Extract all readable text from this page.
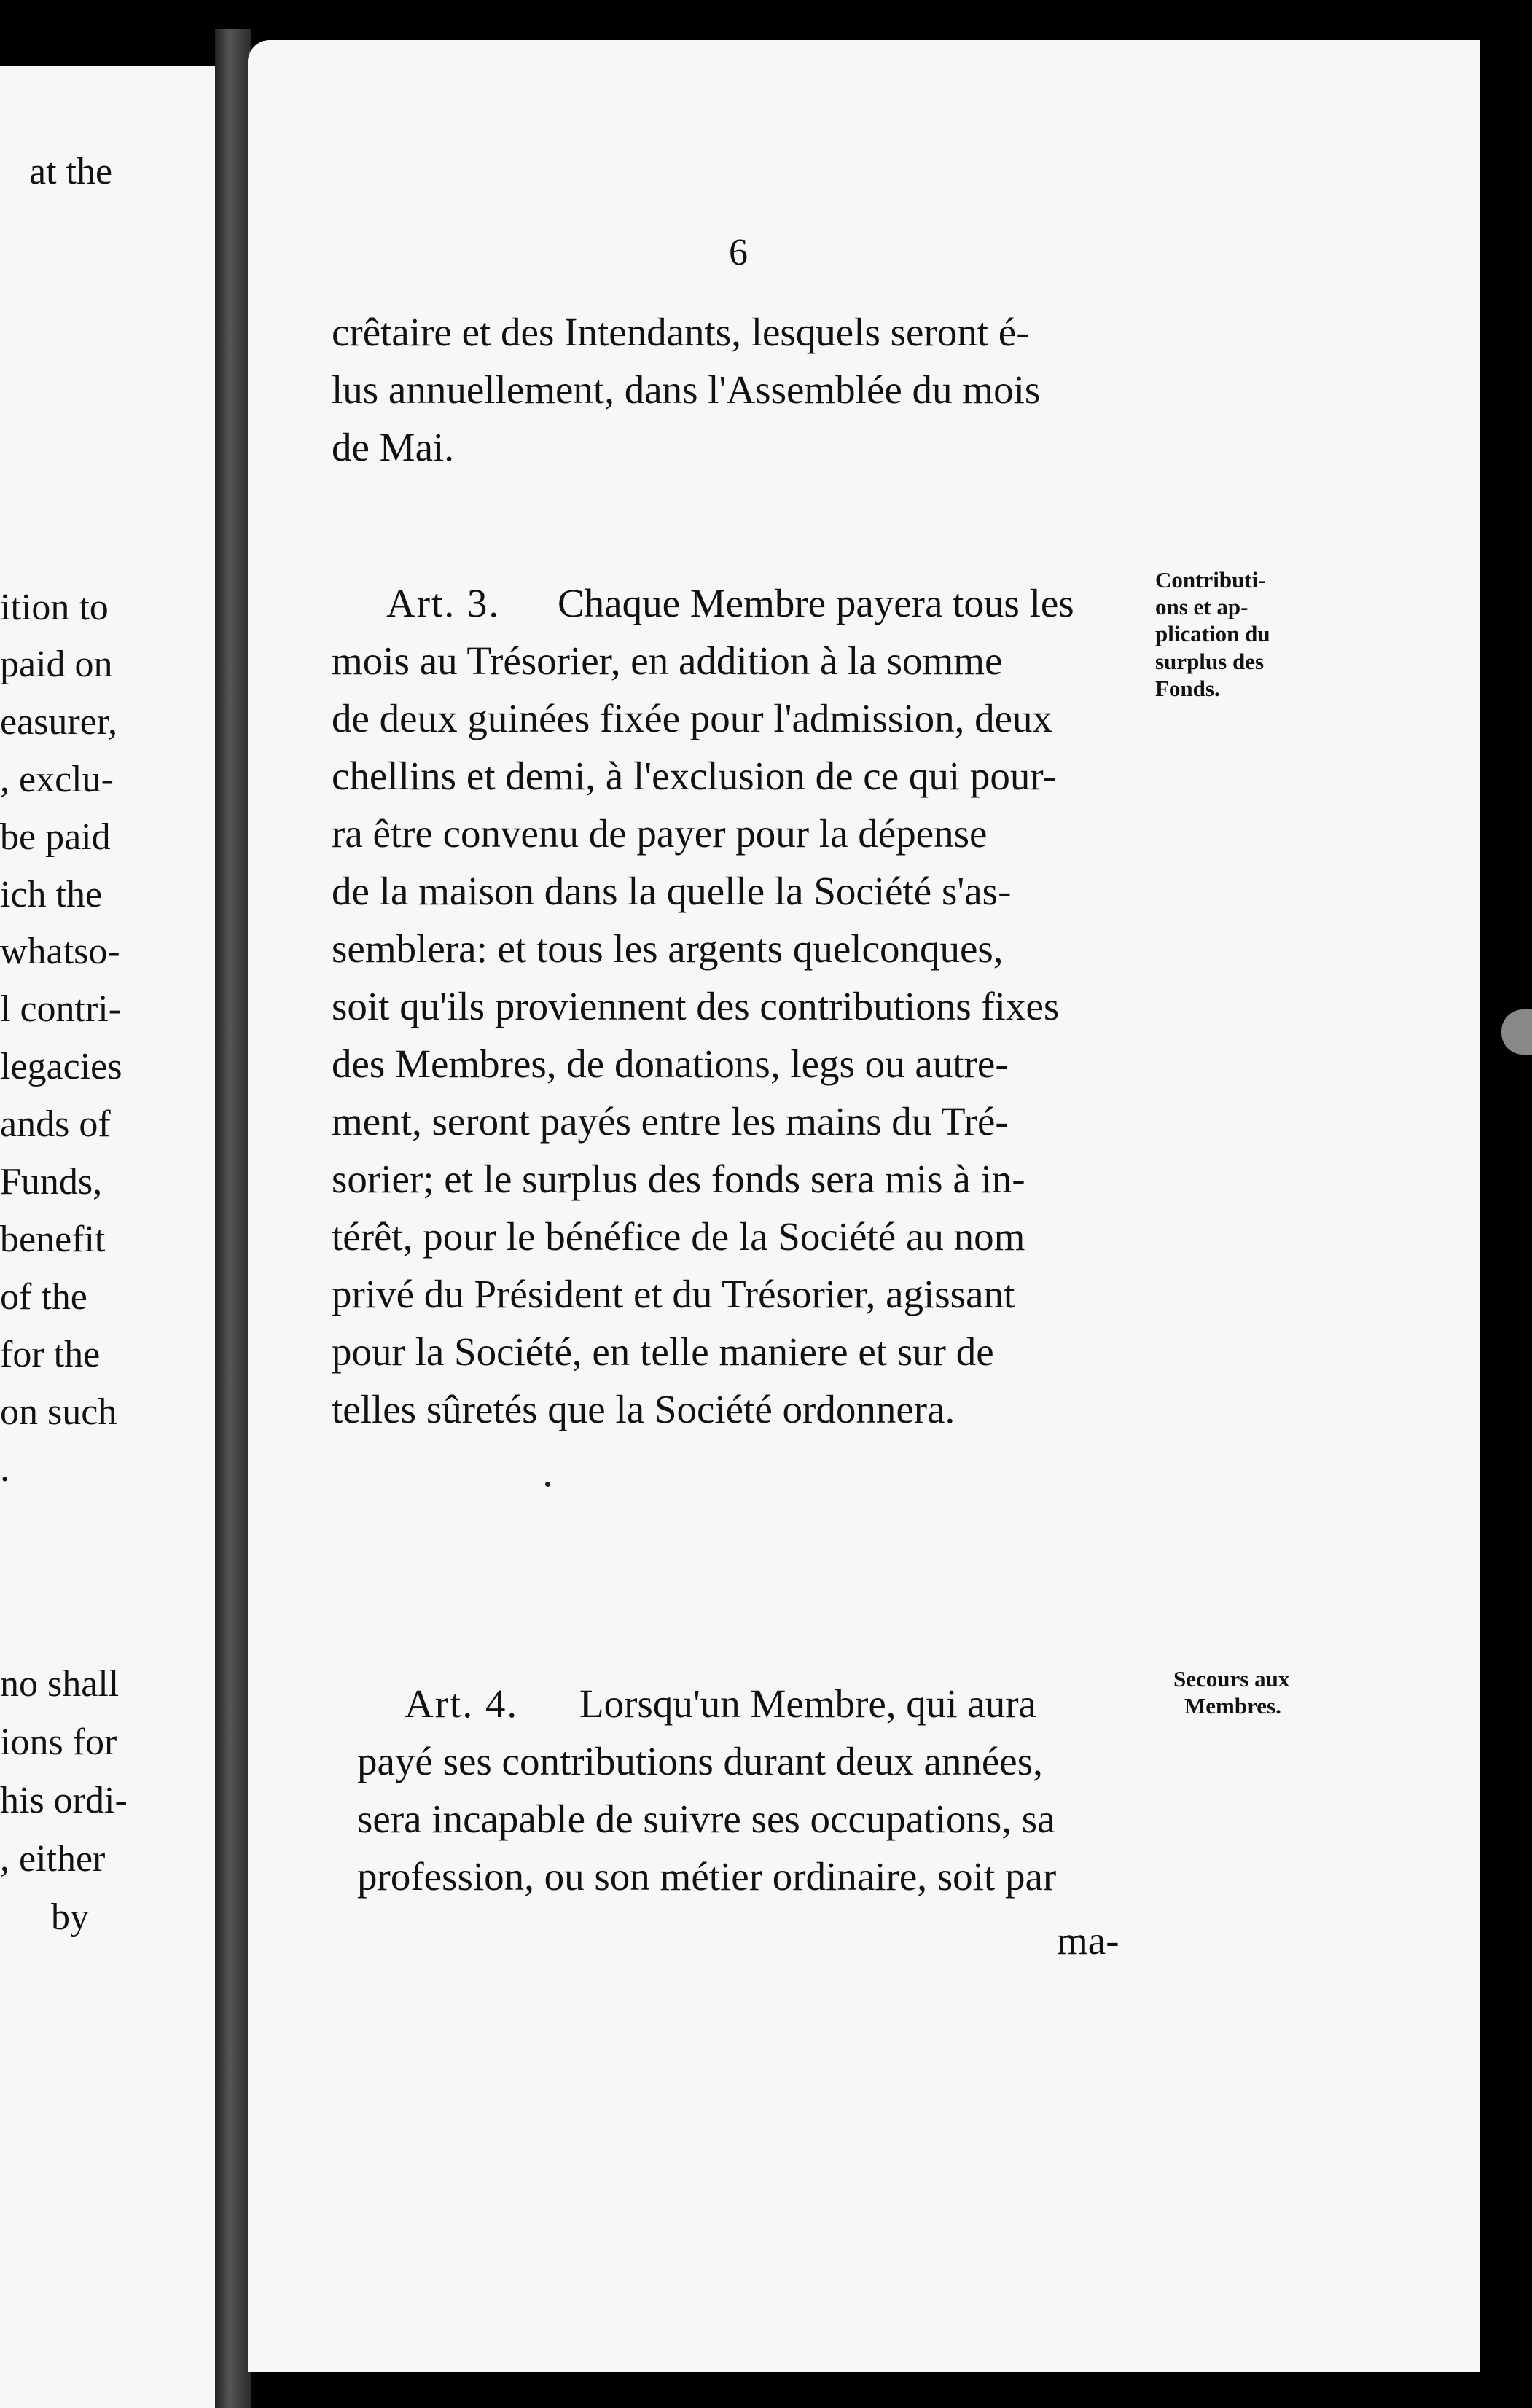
at the
ition to
paid on
easurer,
, exclu-
be paid
ich the
whatso-
l contri-
legacies
ands of
Funds,
benefit
of the
for the
on such
.
no shall
ions for
his ordi-
, either
by
6
crêtaire et des Intendants, lesquels seront é-
lus annuellement, dans l'Assemblée du mois
de Mai.
Art. 3. Chaque Membre payera tous les
mois au Trésorier, en addition à la somme
de deux guinées fixée pour l'admission, deux
chellins et demi, à l'exclusion de ce qui pour-
ra être convenu de payer pour la dépense
de la maison dans la quelle la Société s'as-
semblera: et tous les argents quelconques,
soit qu'ils proviennent des contributions fixes
des Membres, de donations, legs ou autre-
ment, seront payés entre les mains du Tré-
sorier; et le surplus des fonds sera mis à in-
térêt, pour le bénéfice de la Société au nom
privé du Président et du Trésorier, agissant
pour la Société, en telle maniere et sur de
telles sûretés que la Société ordonnera.
Contributi-
ons et ap-
plication du
surplus des
Fonds.
Art. 4. Lorsqu'un Membre, qui aura
payé ses contributions durant deux années,
sera incapable de suivre ses occupations, sa
profession, ou son métier ordinaire, soit par
Secours aux
Membres.
ma-
